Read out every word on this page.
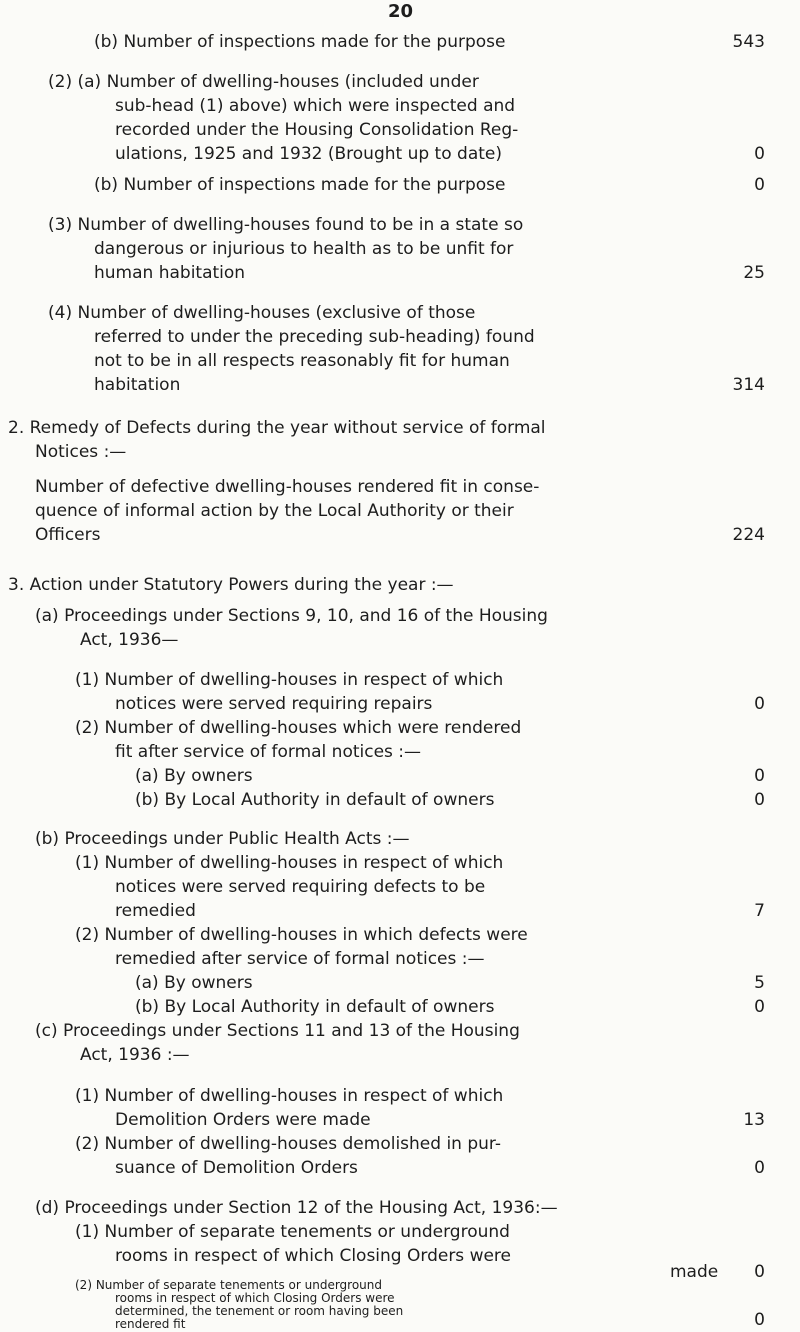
20
(b) Number of inspections made for the purpose	543
(2) (a) Number of dwelling-houses (included under
sub-head (1) above) which were inspected and
recorded under the Housing Consolidation Reg-
ulations, 1925 and 1932 (Brought up to date)	0
(b) Number of inspections made for the purpose	0
(3) Number of dwelling-houses found to be in a state so
dangerous or injurious to health as to be unfit for
human habitation	25
(4) Number of dwelling-houses (exclusive of those
referred to under the preceding sub-heading) found
not to be in all respects reasonably fit for human
habitation	314
2. Remedy of Defects during the year without service of formal
Notices :—
Number of defective dwelling-houses rendered fit in conse-
quence of informal action by the Local Authority or their
Officers	224
3. Action under Statutory Powers during the year :—
(a) Proceedings under Sections 9, 10, and 16 of the Housing
Act, 1936—
(1) Number of dwelling-houses in respect of which
notices were served requiring repairs	0
(2) Number of dwelling-houses which were rendered
fit after service of formal notices :—
(a) By owners	0
(b) By Local Authority in default of owners	0
(b) Proceedings under Public Health Acts :—
(1) Number of dwelling-houses in respect of which
notices were served requiring defects to be
remedied	7
(2) Number of dwelling-houses in which defects were
remedied after service of formal notices :—
(a) By owners	5
(b) By Local Authority in default of owners	0
(c) Proceedings under Sections 11 and 13 of the Housing
Act, 1936 :—
(1) Number of dwelling-houses in respect of which
Demolition Orders were made	13
(2) Number of dwelling-houses demolished in pur-
suance of Demolition Orders	0
(d) Proceedings under Section 12 of the Housing Act, 1936:—
(1) Number of separate tenements or underground
rooms in respect of which Closing Orders were
made	0
(2) Number of separate tenements or underground
rooms in respect of which Closing Orders were
determined, the tenement or room having been
rendered fit	0
